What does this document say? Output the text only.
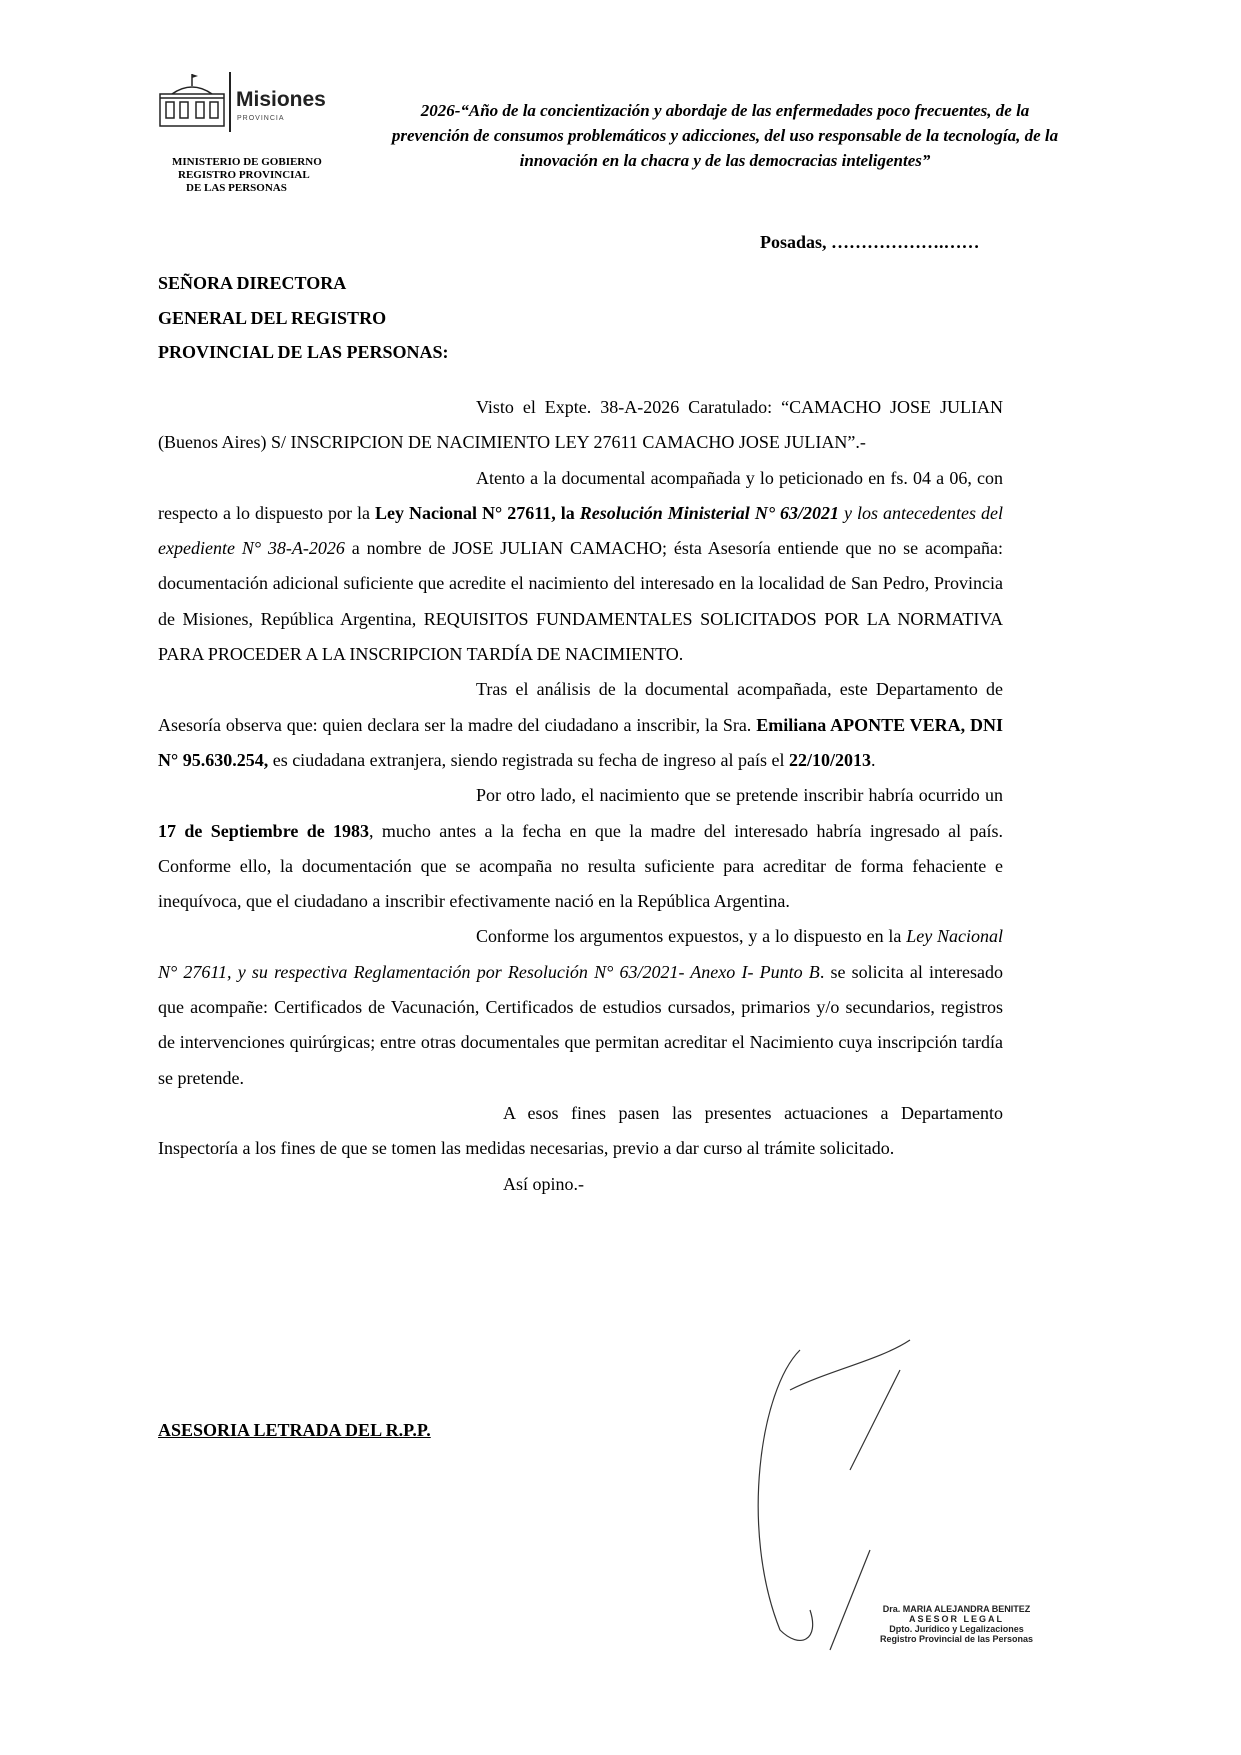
Misiones
PROVINCIA
MINISTERIO DE GOBIERNO
REGISTRO PROVINCIAL
DE LAS PERSONAS
2026-“Año de la concientización y abordaje de las enfermedades poco frecuentes, de la prevención de consumos problemáticos y adicciones, del uso responsable de la tecnología, de la innovación en la chacra y de las democracias inteligentes”
Posadas, ……………….……
SEÑORA DIRECTORA
GENERAL DEL REGISTRO
PROVINCIAL DE LAS PERSONAS:

Visto el Expte. 38-A-2026 Caratulado: “CAMACHO JOSE JULIAN (Buenos Aires) S/ INSCRIPCION DE NACIMIENTO LEY 27611 CAMACHO JOSE JULIAN”.-

Atento a la documental acompañada y lo peticionado en fs. 04 a 06, con respecto a lo dispuesto por la Ley Nacional N° 27611, la Resolución Ministerial N° 63/2021 y los antecedentes del expediente N° 38-A-2026 a nombre de JOSE JULIAN CAMACHO; ésta Asesoría entiende que no se acompaña: documentación adicional suficiente que acredite el nacimiento del interesado en la localidad de San Pedro, Provincia de Misiones, República Argentina, REQUISITOS FUNDAMENTALES SOLICITADOS POR LA NORMATIVA PARA PROCEDER A LA INSCRIPCION TARDÍA DE NACIMIENTO.

Tras el análisis de la documental acompañada, este Departamento de Asesoría observa que: quien declara ser la madre del ciudadano a inscribir, la Sra. Emiliana APONTE VERA, DNI N° 95.630.254, es ciudadana extranjera, siendo registrada su fecha de ingreso al país el 22/10/2013.

Por otro lado, el nacimiento que se pretende inscribir habría ocurrido un 17 de Septiembre de 1983, mucho antes a la fecha en que la madre del interesado habría ingresado al país. Conforme ello, la documentación que se acompaña no resulta suficiente para acreditar de forma fehaciente e inequívoca, que el ciudadano a inscribir efectivamente nació en la República Argentina.

Conforme los argumentos expuestos, y a lo dispuesto en la Ley Nacional N° 27611, y su respectiva Reglamentación por Resolución N° 63/2021- Anexo I- Punto B. se solicita al interesado que acompañe: Certificados de Vacunación, Certificados de estudios cursados, primarios y/o secundarios, registros de intervenciones quirúrgicas; entre otras documentales que permitan acreditar el Nacimiento cuya inscripción tardía se pretende.

A esos fines pasen las presentes actuaciones a Departamento Inspectoría a los fines de que se tomen las medidas necesarias, previo a dar curso al trámite solicitado.

Así opino.-

ASESORIA LETRADA DEL R.P.P.
Dra. MARIA ALEJANDRA BENITEZ
ASESOR LEGAL
Dpto. Jurídico y Legalizaciones
Registro Provincial de las Personas
